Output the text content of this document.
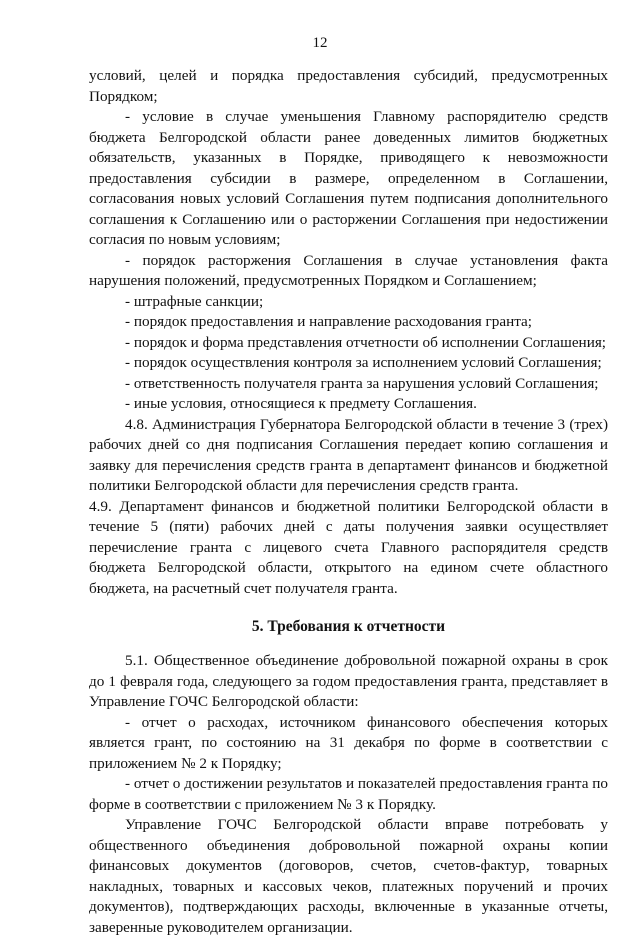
12

условий, целей и порядка предоставления субсидий, предусмотренных Порядком;

- условие в случае уменьшения Главному распорядителю средств бюджета Белгородской области ранее доведенных лимитов бюджетных обязательств, указанных в Порядке, приводящего к невозможности предоставления субсидии в размере, определенном в Соглашении, согласования новых условий Соглашения путем подписания дополнительного соглашения к Соглашению или о расторжении Соглашения при недостижении согласия по новым условиям;

- порядок расторжения Соглашения в случае установления факта нарушения положений, предусмотренных Порядком и Соглашением;

- штрафные санкции;

- порядок предоставления и направление расходования гранта;

- порядок и форма представления отчетности об исполнении Соглашения;

- порядок осуществления контроля за исполнением условий Соглашения;

- ответственность получателя гранта за нарушения условий Соглашения;

- иные условия, относящиеся к предмету Соглашения.

4.8. Администрация Губернатора Белгородской области в течение 3 (трех) рабочих дней со дня подписания Соглашения передает копию соглашения и заявку для перечисления средств гранта в департамент финансов и бюджетной политики Белгородской области для перечисления средств гранта.

4.9. Департамент финансов и бюджетной политики Белгородской области в течение 5 (пяти) рабочих дней с даты получения заявки осуществляет перечисление гранта с лицевого счета Главного распорядителя средств бюджета Белгородской области, открытого на едином счете областного бюджета, на расчетный счет получателя гранта.

5. Требования к отчетности

5.1. Общественное объединение добровольной пожарной охраны в срок до 1 февраля года, следующего за годом предоставления гранта, представляет в Управление ГОЧС Белгородской области:

- отчет о расходах, источником финансового обеспечения которых является грант, по состоянию на 31 декабря по форме в соответствии с приложением № 2 к Порядку;

- отчет о достижении результатов и показателей предоставления гранта по форме в соответствии с приложением № 3 к Порядку.

Управление ГОЧС Белгородской области вправе потребовать у общественного объединения добровольной пожарной охраны копии финансовых документов (договоров, счетов, счетов-фактур, товарных накладных, товарных и кассовых чеков, платежных поручений и прочих документов), подтверждающих расходы, включенные в указанные отчеты, заверенные руководителем организации.
